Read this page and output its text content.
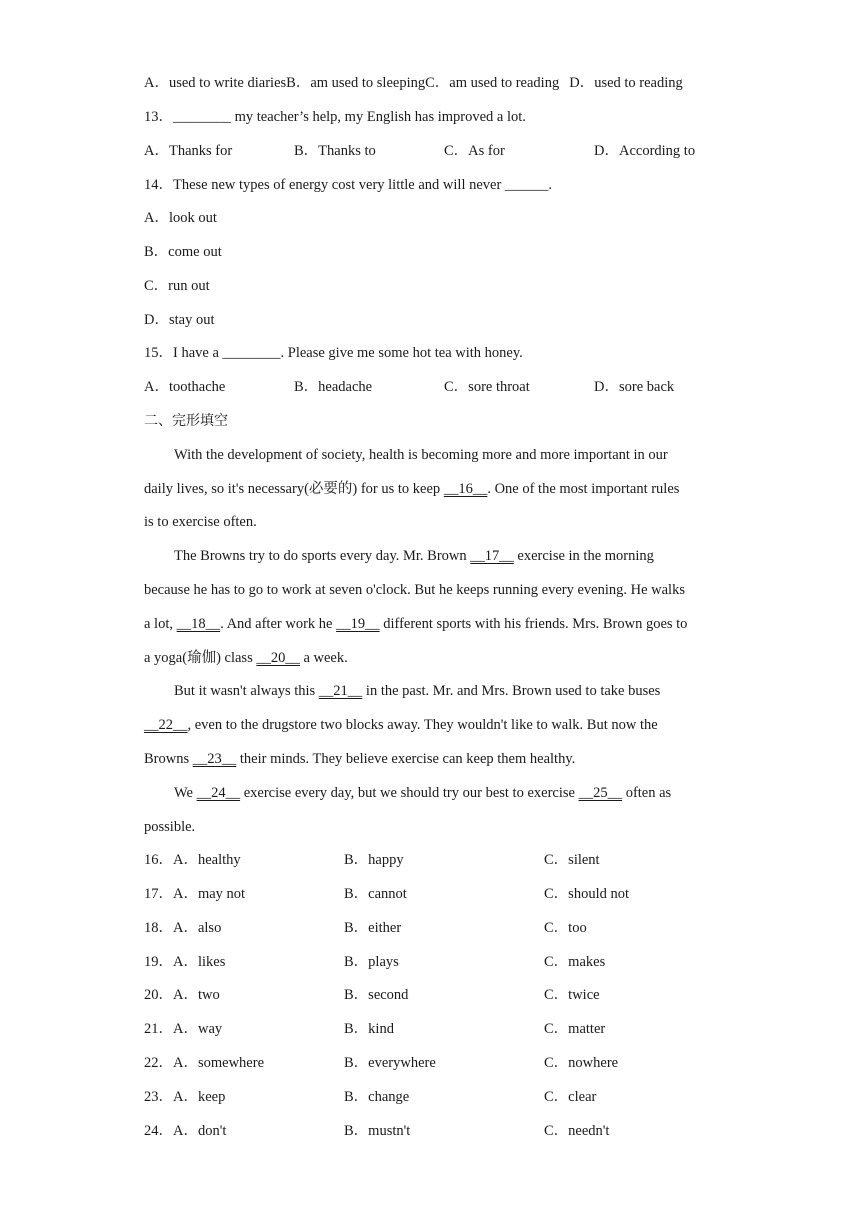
A．used to write diariesB．am used to sleepingC．am used to reading D．used to reading
13．________ my teacher’s help, my English has improved a lot.
A．Thanks for	B．Thanks to	C．As for	D．According to
14．These new types of energy cost very little and will never ______.
A．look out
B．come out
C．run out
D．stay out
15．I have a ________. Please give me some hot tea with honey.
A．toothache	B．headache	C．sore throat	D．sore back
二、完形填空
With the development of society, health is becoming more and more important in our
daily lives, so it's necessary(必要的) for us to keep __16__. One of the most important rules
is to exercise often.
The Browns try to do sports every day. Mr. Brown __17__ exercise in the morning
because he has to go to work at seven o'clock. But he keeps running every evening. He walks
a lot, __18__. And after work he __19__ different sports with his friends. Mrs. Brown goes to
a yoga(瑜伽) class __20__ a week.
But it wasn't always this __21__ in the past. Mr. and Mrs. Brown used to take buses
__22__, even to the drugstore two blocks away. They wouldn't like to walk. But now the
Browns __23__ their minds. They believe exercise can keep them healthy.
We __24__ exercise every day, but we should try our best to exercise __25__ often as
possible.
16．A．healthy	B．happy	C．silent
17．A．may not	B．cannot	C．should not
18．A．also	B．either	C．too
19．A．likes	B．plays	C．makes
20．A．two	B．second	C．twice
21．A．way	B．kind	C．matter
22．A．somewhere	B．everywhere	C．nowhere
23．A．keep	B．change	C．clear
24．A．don't	B．mustn't	C．needn't
